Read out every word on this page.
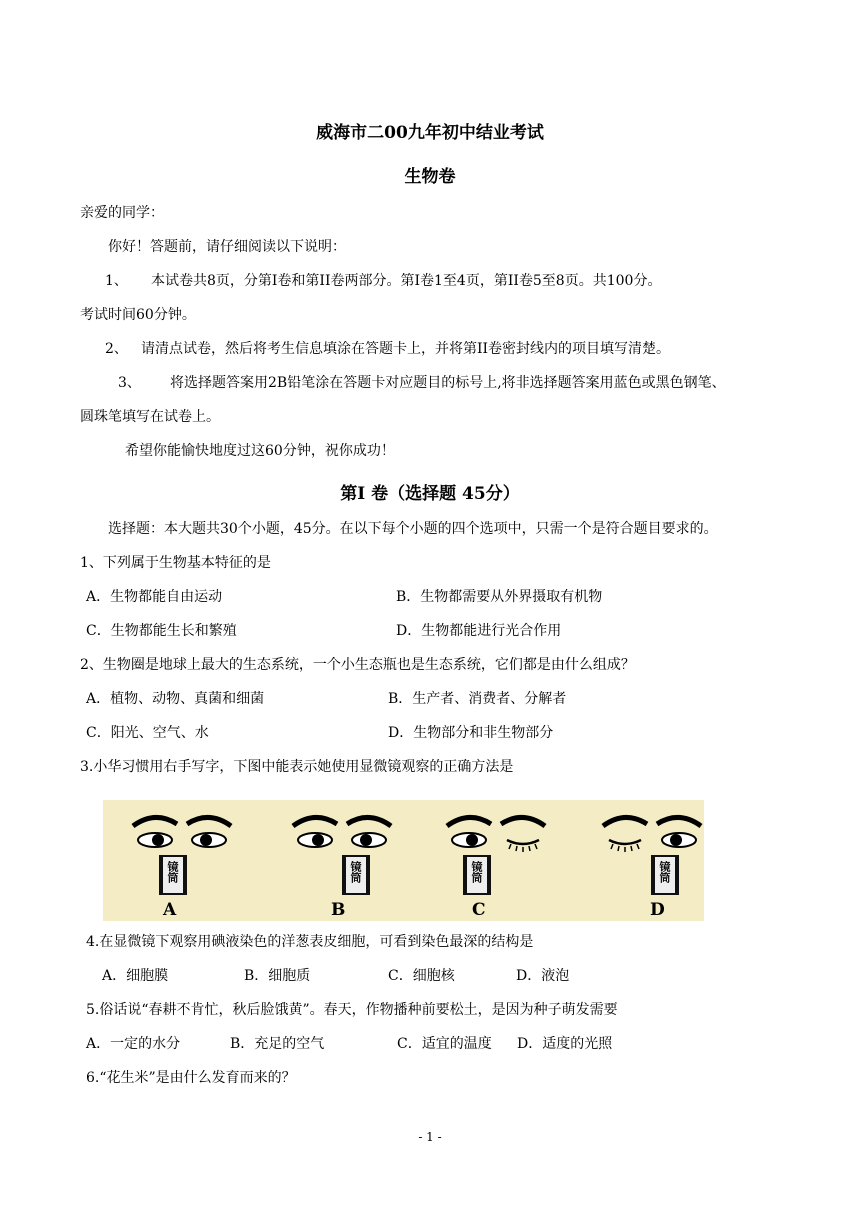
威海市二00九年初中结业考试
生物卷
亲爱的同学：
你好！答题前，请仔细阅读以下说明：
1、 本试卷共8页，分第I卷和第II卷两部分。第I卷1至4页，第II卷5至8页。共100分。
考试时间60分钟。
2、 请清点试卷，然后将考生信息填涂在答题卡上，并将第II卷密封线内的项目填写清楚。
3、 将选择题答案用2B铅笔涂在答题卡对应题目的标号上,将非选择题答案用蓝色或黑色钢笔、
圆珠笔填写在试卷上。
希望你能愉快地度过这60分钟，祝你成功！
第I 卷（选择题 45分）
选择题：本大题共30个小题，45分。在以下每个小题的四个选项中，只需一个是符合题目要求的。
1、下列属于生物基本特征的是
A．生物都能自由运动	B．生物都需要从外界摄取有机物
C．生物都能生长和繁殖	D．生物都能进行光合作用
2、生物圈是地球上最大的生态系统，一个小生态瓶也是生态系统，它们都是由什么组成？
A．植物、动物、真菌和细菌	B．生产者、消费者、分解者
C．阳光、空气、水	D．生物部分和非生物部分
3.小华习惯用右手写字，下图中能表示她使用显微镜观察的正确方法是
镜筒	镜筒	镜筒	镜筒
A	B	C	D
4.在显微镜下观察用碘液染色的洋葱表皮细胞，可看到染色最深的结构是
A．细胞膜	B．细胞质	C．细胞核	D．液泡
5.俗话说“春耕不肯忙，秋后脸饿黄”。春天，作物播种前要松土，是因为种子萌发需要
A．一定的水分	B．充足的空气	C．适宜的温度 D．适度的光照
6.“花生米”是由什么发育而来的？
- 1 -
